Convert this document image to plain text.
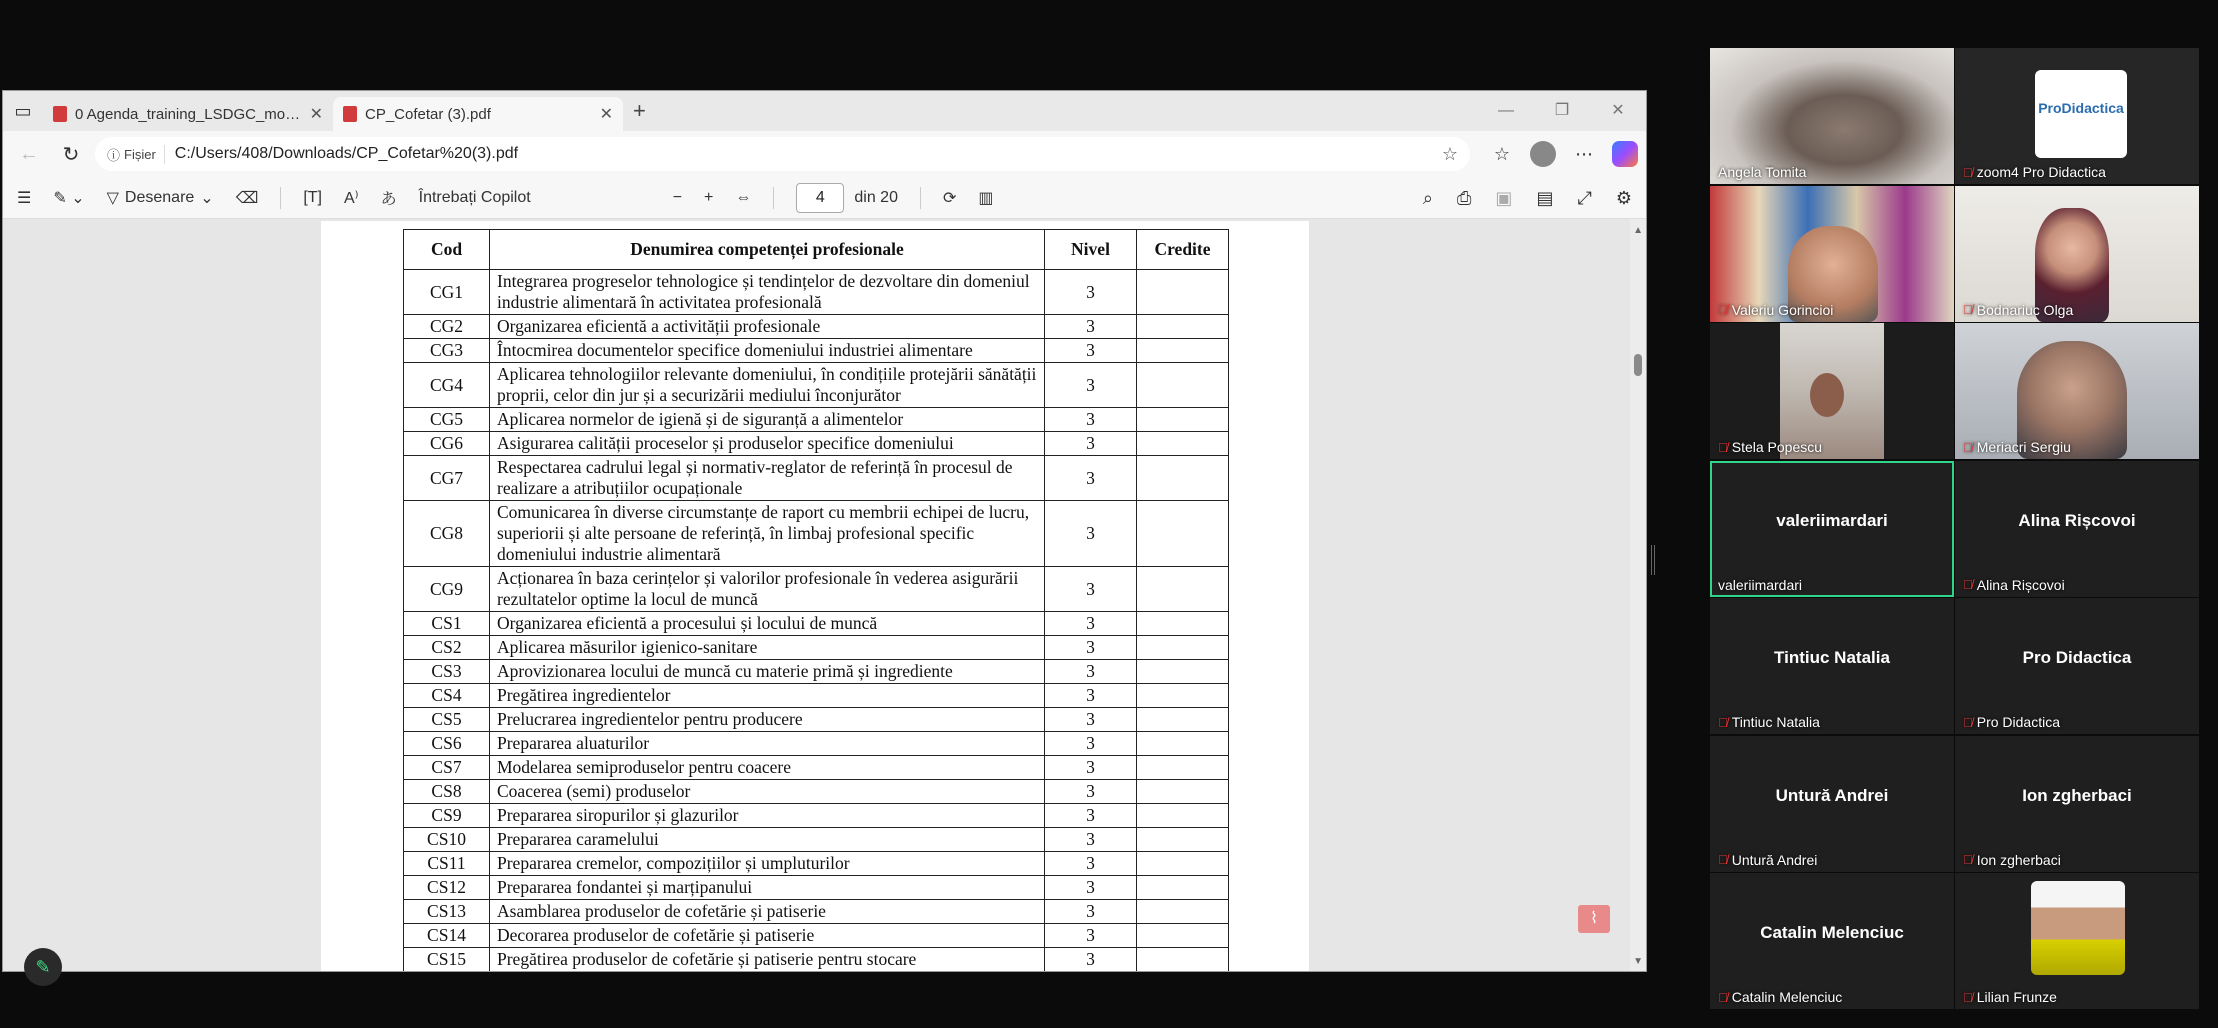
▭	0 Agenda_training_LSDGC_modu	✕	CP_Cofetar (3).pdf	✕ +	—	❐	✕
←	↻	ⓘ Fișier C:/Users/408/Downloads/CP_Cofetar%20(3).pdf	☆	☆	⋯
☰ ✎ ⌄ ▽ Desenare ⌄ ⌫	[T] A⁾ あ Întrebați Copilot	− + ⇔	4	din 20	⟳ ▥	⌕ ⎙ ▣ ▤ ⤢ ⚙
Cod	Denumirea competenței profesionale	Nivel	Credite
CG1	Integrarea progreselor tehnologice și tendințelor de dezvoltare din domeniul industrie alimentară în activitatea profesională	3	
CG2	Organizarea eficientă a activității profesionale	3	
CG3	Întocmirea documentelor specifice domeniului industriei alimentare	3	
CG4	Aplicarea tehnologiilor relevante domeniului, în condițiile protejării sănătății proprii, celor din jur și a securizării mediului înconjurător	3	
CG5	Aplicarea normelor de igienă și de siguranță a alimentelor	3	
CG6	Asigurarea calității proceselor și produselor specifice domeniului	3	
CG7	Respectarea cadrului legal și normativ-reglator de referință în procesul de realizare a atribuțiilor ocupaționale	3	
CG8	Comunicarea în diverse circumstanțe de raport cu membrii echipei de lucru, superiorii și alte persoane de referință, în limbaj profesional specific domeniului industrie alimentară	3	
CG9	Acționarea în baza cerințelor și valorilor profesionale în vederea asigurării rezultatelor optime la locul de muncă	3	
CS1	Organizarea eficientă a procesului și locului de muncă	3	
CS2	Aplicarea măsurilor igienico-sanitare	3	
CS3	Aprovizionarea locului de muncă cu materie primă și ingrediente	3	
CS4	Pregătirea ingredientelor	3	
CS5	Prelucrarea ingredientelor pentru producere	3	
CS6	Prepararea aluaturilor	3	
CS7	Modelarea semiproduselor pentru coacere	3	
CS8	Coacerea (semi) produselor	3	
CS9	Prepararea siropurilor și glazurilor	3	
CS10	Prepararea caramelului	3	
CS11	Prepararea cremelor, compozițiilor și umpluturilor	3	
CS12	Prepararea fondantei și marțipanului	3	
CS13	Asamblarea produselor de cofetărie și patiserie	3	
CS14	Decorarea produselor de cofetărie și patiserie	3	
CS15	Pregătirea produselor de cofetărie și patiserie pentru stocare	3	
▲
▼
⌇
✎
Angela Tomita
ProDidactica
🎙̸ zoom4 Pro Didactica
🎙̸ Valeriu Gorincioi	🎙̸ Bodnariuc Olga
🎙̸ Stela Popescu	🎙̸ Meriacri Sergiu
valeriimardari
valeriimardari
Alina Rișcovoi
🎙̸ Alina Rișcovoi
Tintiuc Natalia
🎙̸ Tintiuc Natalia
Pro Didactica
🎙̸ Pro Didactica
Untură Andrei
🎙̸ Untură Andrei
Ion zgherbaci
🎙̸ Ion zgherbaci
Catalin Melenciuc
🎙̸ Catalin Melenciuc	🎙̸ Lilian Frunze
